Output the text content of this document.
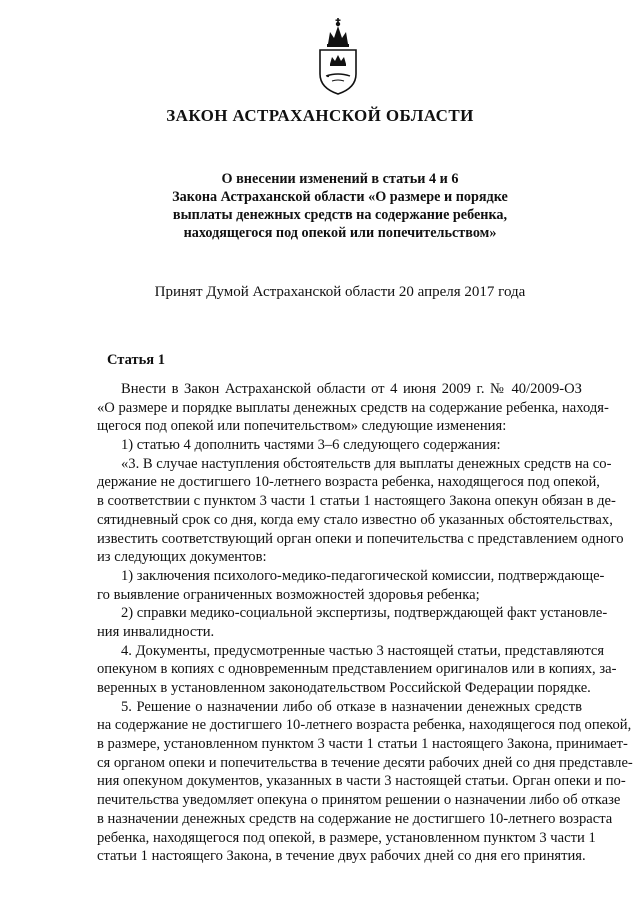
ЗАКОН АСТРАХАНСКОЙ ОБЛАСТИ
О внесении изменений в статьи 4 и 6
Закона Астраханской области «О размере и порядке
выплаты денежных средств на содержание ребенка,
находящегося под опекой или попечительством»
Принят Думой Астраханской области 20 апреля 2017 года
Статья 1
Внести в Закон Астраханской области от 4 июня 2009 г. № 40/2009-ОЗ
«О размере и порядке выплаты денежных средств на содержание ребенка, находя-
щегося под опекой или попечительством» следующие изменения:
1) статью 4 дополнить частями 3–6 следующего содержания:
«3. В случае наступления обстоятельств для выплаты денежных средств на со-
держание не достигшего 10-летнего возраста ребенка, находящегося под опекой,
в соответствии с пунктом 3 части 1 статьи 1 настоящего Закона опекун обязан в де-
сятидневный срок со дня, когда ему стало известно об указанных обстоятельствах,
известить соответствующий орган опеки и попечительства с представлением одного
из следующих документов:
1) заключения психолого-медико-педагогической комиссии, подтверждающе-
го выявление ограниченных возможностей здоровья ребенка;
2) справки медико-социальной экспертизы, подтверждающей факт установле-
ния инвалидности.
4. Документы, предусмотренные частью 3 настоящей статьи, представляются
опекуном в копиях с одновременным представлением оригиналов или в копиях, за-
веренных в установленном законодательством Российской Федерации порядке.
5. Решение о назначении либо об отказе в назначении денежных средств
на содержание не достигшего 10-летнего возраста ребенка, находящегося под опекой,
в размере, установленном пунктом 3 части 1 статьи 1 настоящего Закона, принимает-
ся органом опеки и попечительства в течение десяти рабочих дней со дня представле-
ния опекуном документов, указанных в части 3 настоящей статьи. Орган опеки и по-
печительства уведомляет опекуна о принятом решении о назначении либо об отказе
в назначении денежных средств на содержание не достигшего 10-летнего возраста
ребенка, находящегося под опекой, в размере, установленном пунктом 3 части 1
статьи 1 настоящего Закона, в течение двух рабочих дней со дня его принятия.
